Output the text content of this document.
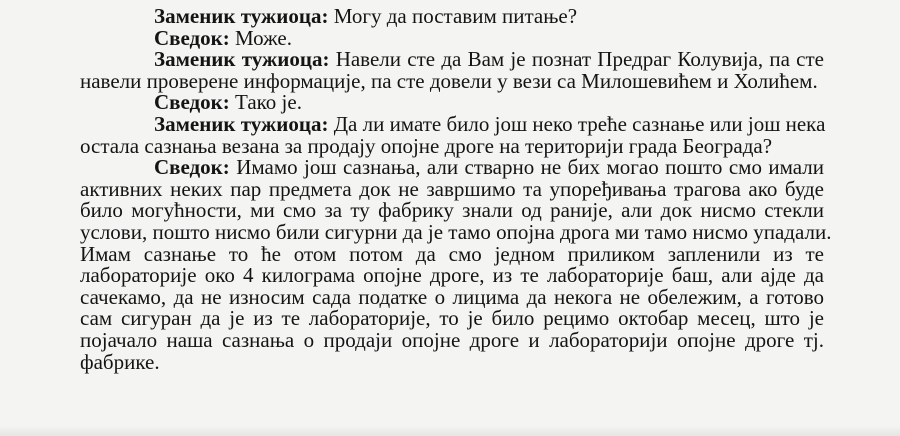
Заменик тужиоца: Могу да поставим питање?
Сведок: Може.
Заменик тужиоца: Навели сте да Вам је познат Предраг Колувија, па сте
навели проверене информације, па сте довели у вези са Милошевићем и Холићем.
Сведок: Тако је.
Заменик тужиоца: Да ли имате било још неко треће сазнање или још нека
остала сазнања везана за продају опојне дроге на територији града Београда?
Сведок: Имамо још сазнања, али стварно не бих могао пошто смо имали
активних неких пар предмета док не завршимо та упоређивања трагова ако буде
било могућности, ми смо за ту фабрику знали од раније, али док нисмо стекли
услови, пошто нисмо били сигурни да је тамо опојна дрога ми тамо нисмо упадали.
Имам сазнање то ће отом потом да смо једном приликом запленили из те
лабораторије око 4 килограма опојне дроге, из те лабораторије баш, али ајде да
сачекамо, да не износим сада податке о лицима да некога не обележим, а готово
сам сигуран да је из те лабораторије, то је било рецимо октобар месец, што је
појачало наша сазнања о продаји опојне дроге и лабораторији опојне дроге тј.
фабрике.
